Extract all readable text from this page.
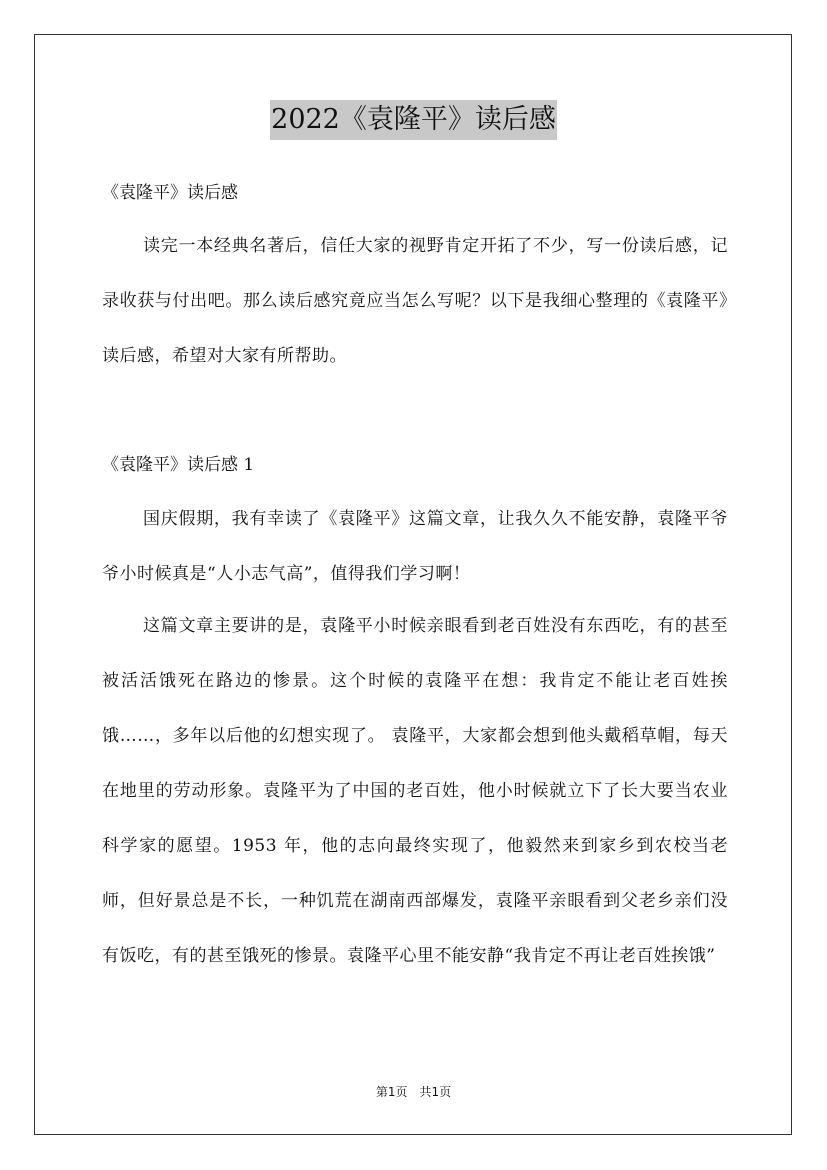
2022《袁隆平》读后感
《袁隆平》读后感
读完一本经典名著后，信任大家的视野肯定开拓了不少，写一份读后感，记录收获与付出吧。那么读后感究竟应当怎么写呢？以下是我细心整理的《袁隆平》读后感，希望对大家有所帮助。
《袁隆平》读后感 1
国庆假期，我有幸读了《袁隆平》这篇文章，让我久久不能安静，袁隆平爷爷小时候真是“人小志气高”，值得我们学习啊！
这篇文章主要讲的是，袁隆平小时候亲眼看到老百姓没有东西吃，有的甚至被活活饿死在路边的惨景。这个时候的袁隆平在想：我肯定不能让老百姓挨饿……，多年以后他的幻想实现了。 袁隆平，大家都会想到他头戴稻草帽，每天在地里的劳动形象。袁隆平为了中国的老百姓，他小时候就立下了长大要当农业科学家的愿望。1953 年，他的志向最终实现了，他毅然来到家乡到农校当老师，但好景总是不长，一种饥荒在湖南西部爆发，袁隆平亲眼看到父老乡亲们没有饭吃，有的甚至饿死的惨景。袁隆平心里不能安静“我肯定不再让老百姓挨饿”
第1页　共1页
